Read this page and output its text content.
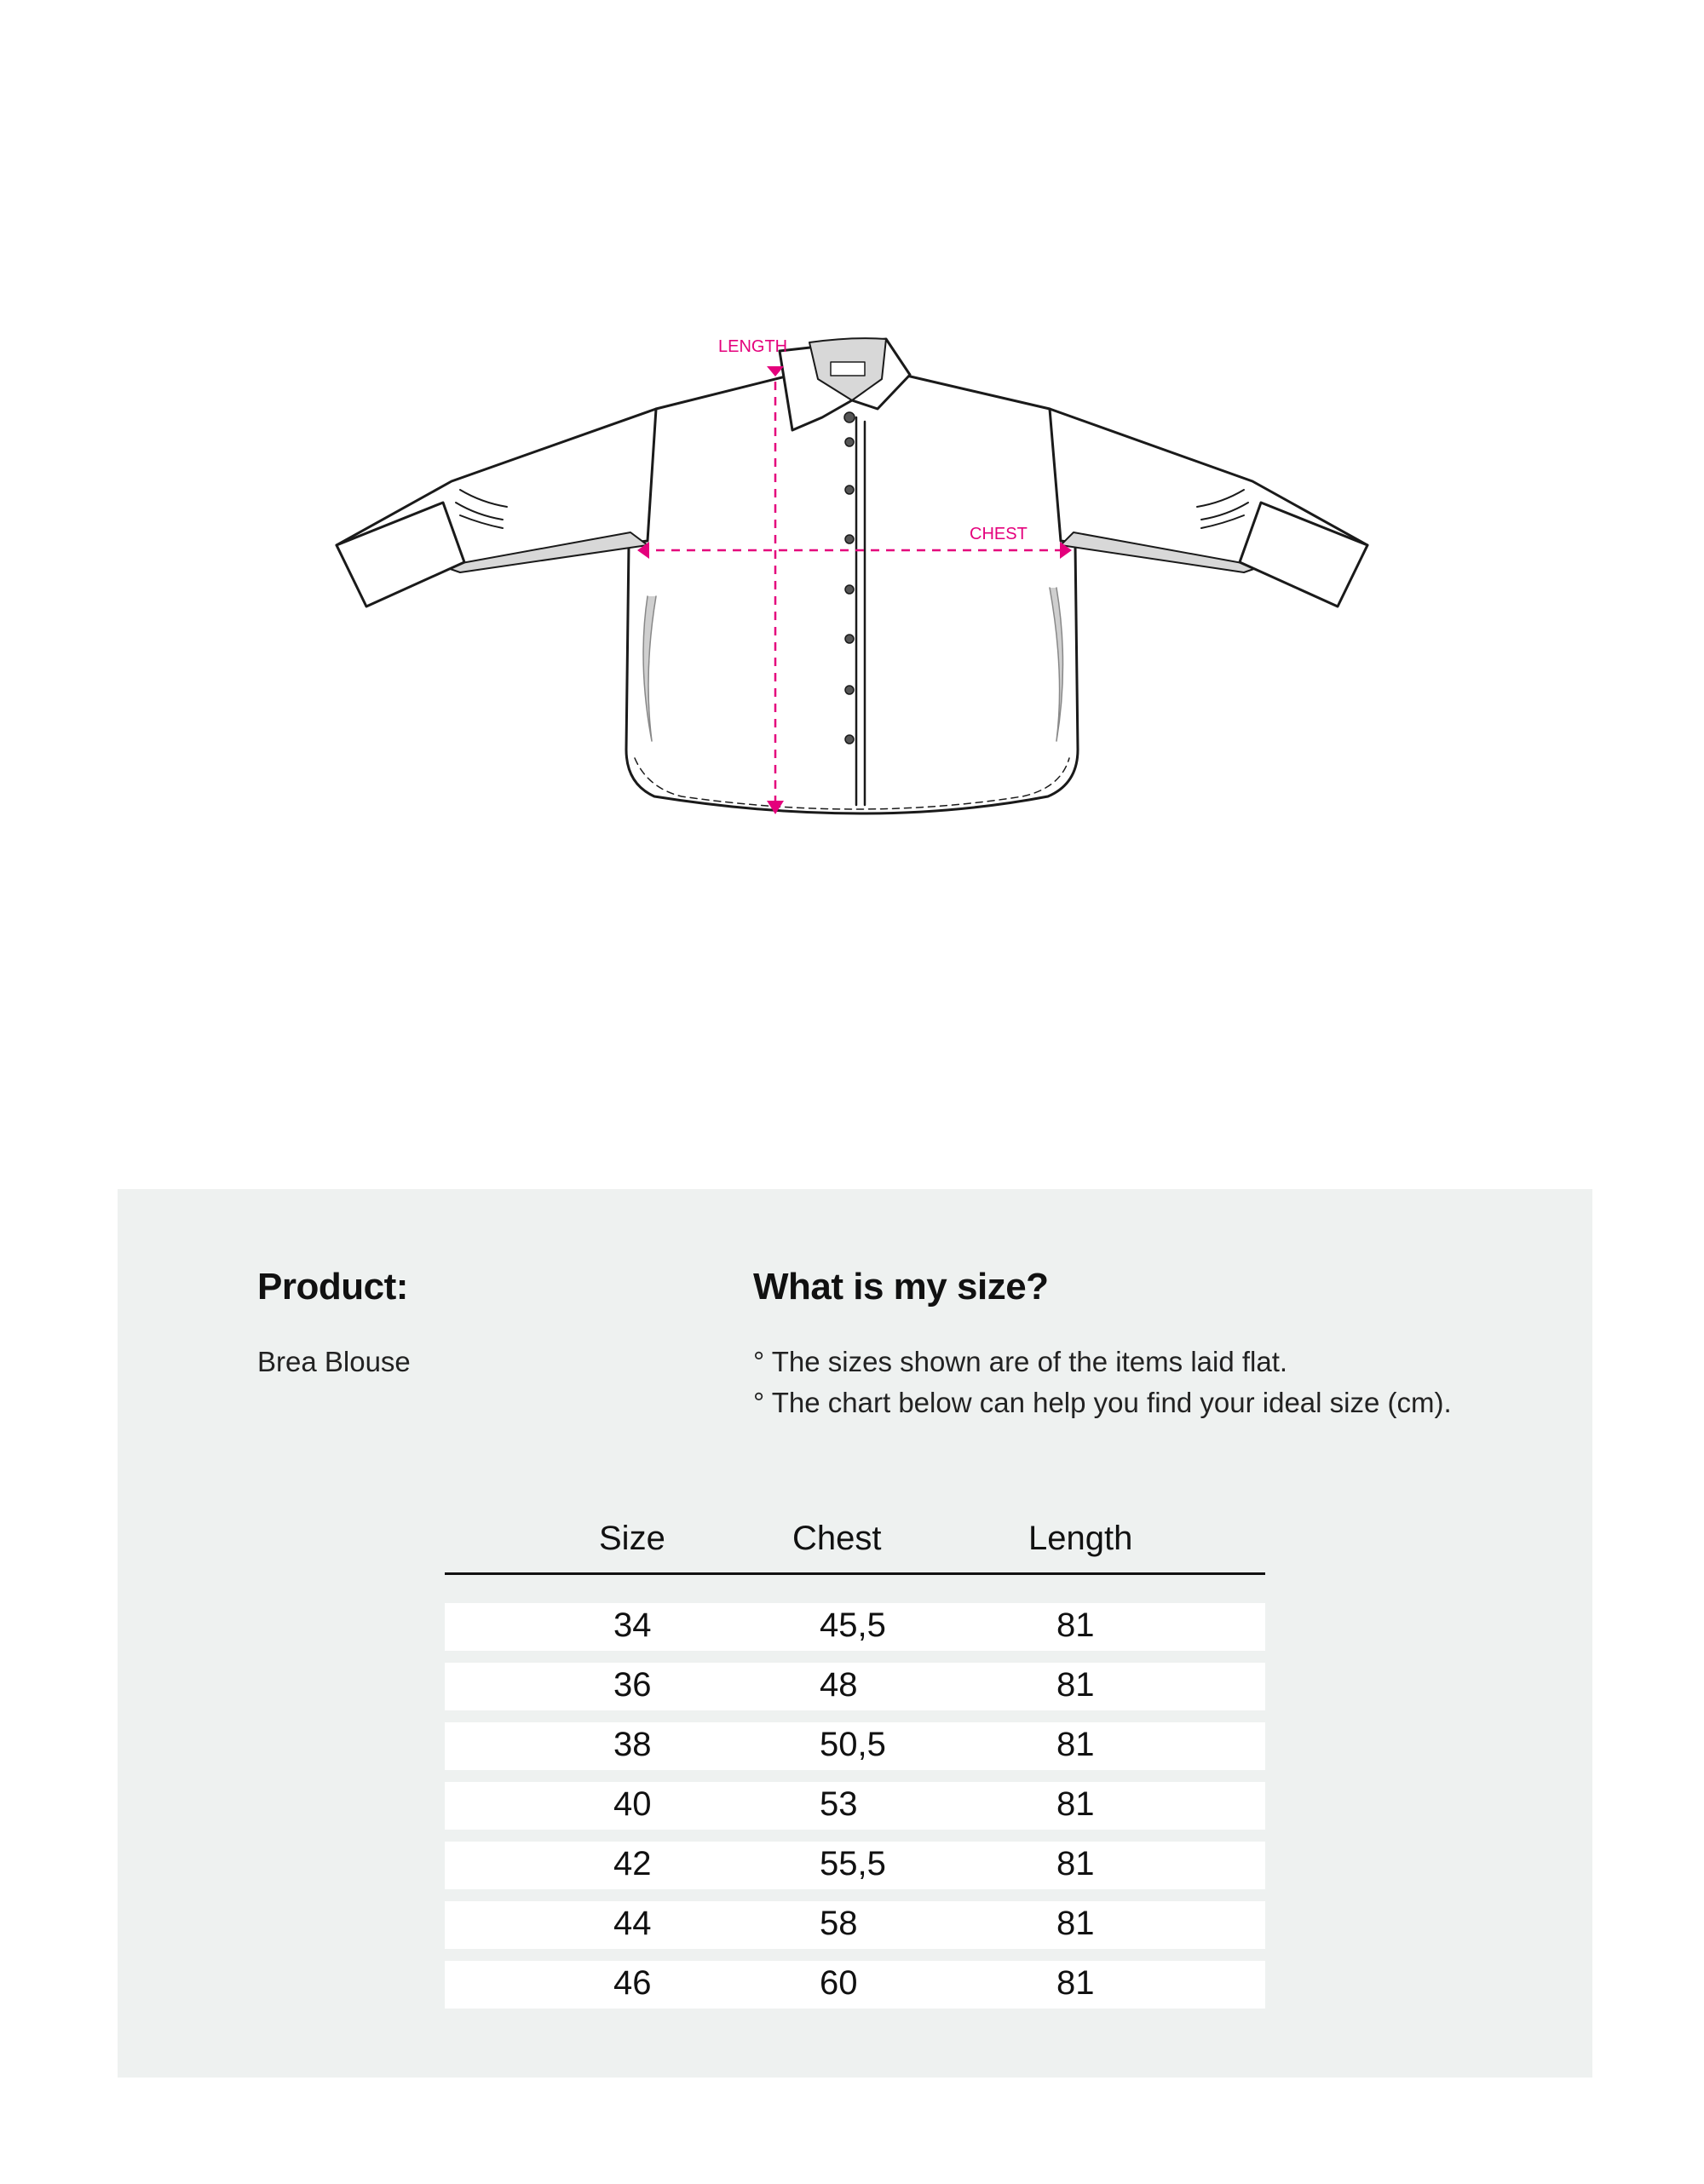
LENGTH
CHEST
Product:
Brea Blouse
What is my size?
° The sizes shown are of the items laid flat.
° The chart below can help you find your ideal size (cm).
Size	Chest	Length
34	45,5	81
36	48	81
38	50,5	81
40	53	81
42	55,5	81
44	58	81
46	60	81
